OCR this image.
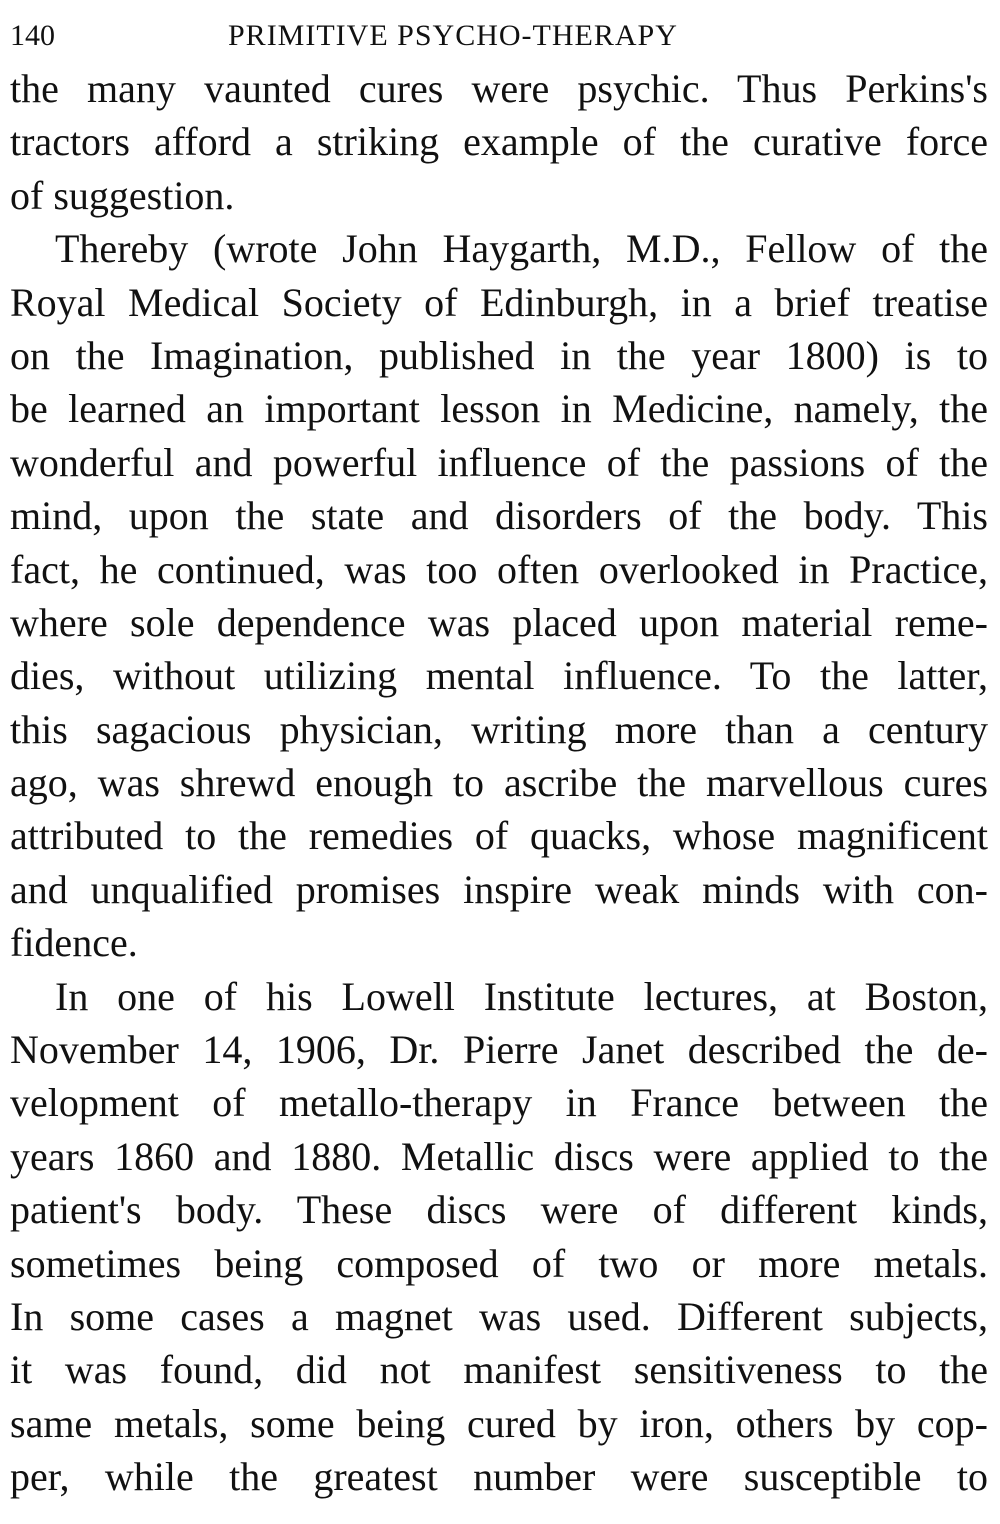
140	PRIMITIVE PSYCHO-THERAPY
the many vaunted cures were psychic. Thus Perkins's
tractors afford a striking example of the curative force
of suggestion.
Thereby (wrote John Haygarth, M.D., Fellow of the
Royal Medical Society of Edinburgh, in a brief treatise
on the Imagination, published in the year 1800) is to
be learned an important lesson in Medicine, namely, the
wonderful and powerful influence of the passions of the
mind, upon the state and disorders of the body. This
fact, he continued, was too often overlooked in Practice,
where sole dependence was placed upon material reme-
dies, without utilizing mental influence. To the latter,
this sagacious physician, writing more than a century
ago, was shrewd enough to ascribe the marvellous cures
attributed to the remedies of quacks, whose magnificent
and unqualified promises inspire weak minds with con-
fidence.
In one of his Lowell Institute lectures, at Boston,
November 14, 1906, Dr. Pierre Janet described the de-
velopment of metallo-therapy in France between the
years 1860 and 1880. Metallic discs were applied to the
patient's body. These discs were of different kinds,
sometimes being composed of two or more metals.
In some cases a magnet was used. Different subjects,
it was found, did not manifest sensitiveness to the
same metals, some being cured by iron, others by cop-
per, while the greatest number were susceptible to
